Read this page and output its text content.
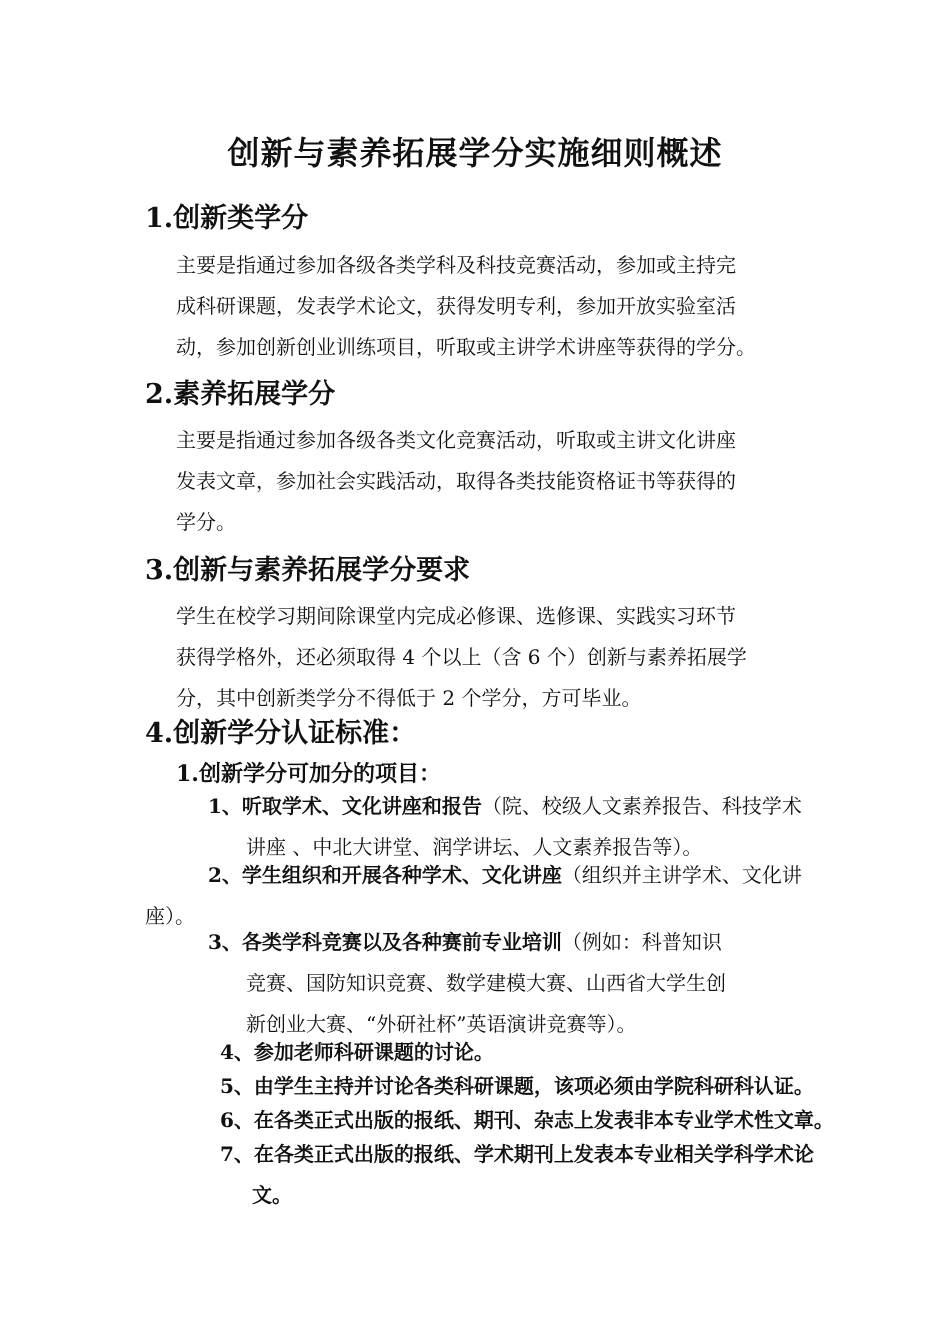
创新与素养拓展学分实施细则概述
1.创新类学分
主要是指通过参加各级各类学科及科技竞赛活动，参加或主持完
成科研课题，发表学术论文，获得发明专利，参加开放实验室活
动，参加创新创业训练项目，听取或主讲学术讲座等获得的学分。
2.素养拓展学分
主要是指通过参加各级各类文化竞赛活动，听取或主讲文化讲座
发表文章，参加社会实践活动，取得各类技能资格证书等获得的
学分。
3.创新与素养拓展学分要求
学生在校学习期间除课堂内完成必修课、选修课、实践实习环节
获得学格外，还必须取得 4 个以上（含 6 个）创新与素养拓展学
分，其中创新类学分不得低于 2 个学分，方可毕业。
4.创新学分认证标准：
1.创新学分可加分的项目：
1、听取学术、文化讲座和报告（院、校级人文素养报告、科技学术
讲座 、中北大讲堂、润学讲坛、人文素养报告等）。
2、学生组织和开展各种学术、文化讲座（组织并主讲学术、文化讲
座）。
3、各类学科竞赛以及各种赛前专业培训（例如：科普知识
竞赛、国防知识竞赛、数学建模大赛、山西省大学生创
新创业大赛、“外研社杯”英语演讲竞赛等）。
4、参加老师科研课题的讨论。
5、由学生主持并讨论各类科研课题，该项必须由学院科研科认证。
6、在各类正式出版的报纸、期刊、杂志上发表非本专业学术性文章。
7、在各类正式出版的报纸、学术期刊上发表本专业相关学科学术论
文。
